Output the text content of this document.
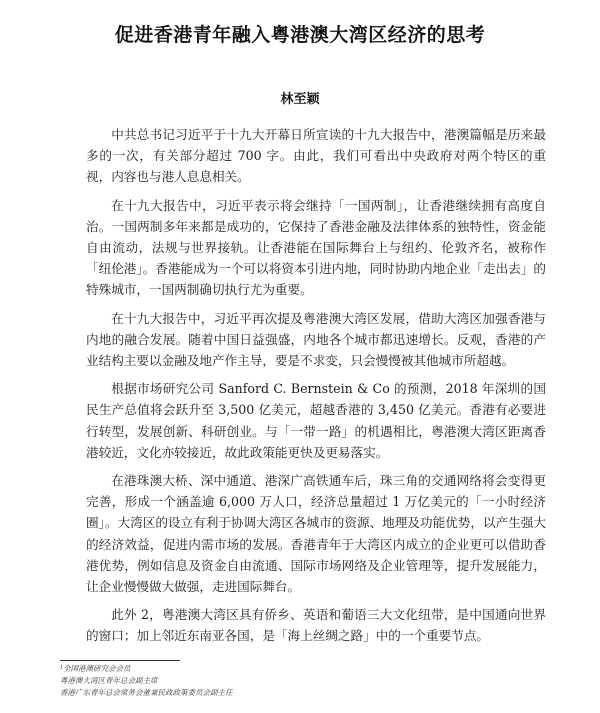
促进香港青年融入粤港澳大湾区经济的思考
林至颖

中共总书记习近平于十九大开幕日所宣读的十九大报告中，港澳篇幅是历来最多的一次，有关部分超过 700 字。由此，我们可看出中央政府对两个特区的重视，内容也与港人息息相关。

在十九大报告中，习近平表示将会继持「一国两制」，让香港继续拥有高度自治。一国两制多年来都是成功的，它保持了香港金融及法律体系的独特性，资金能自由流动，法规与世界接轨。让香港能在国际舞台上与纽约、伦敦齐名，被称作「纽伦港」。香港能成为一个可以将资本引进内地，同时协助内地企业「走出去」的特殊城市，一国两制确切执行尤为重要。

在十九大报告中，习近平再次提及粤港澳大湾区发展，借助大湾区加强香港与内地的融合发展。随着中国日益强盛，内地各个城市都迅速增长。反观，香港的产业结构主要以金融及地产作主导，要是不求变，只会慢慢被其他城市所超越。

根据市场研究公司 Sanford C. Bernstein & Co 的预测，2018 年深圳的国民生产总值将会跃升至 3,500 亿美元，超越香港的 3,450 亿美元。香港有必要进行转型，发展创新、科研创业。与「一带一路」的机遇相比，粤港澳大湾区距离香港较近，文化亦较接近，故此政策能更快及更易落实。

在港珠澳大桥、深中通道、港深广高铁通车后，珠三角的交通网络将会变得更完善，形成一个涵盖逾 6,000 万人口，经济总量超过 1 万亿美元的「一小时经济圈」。大湾区的设立有利于协调大湾区各城市的资源、地理及功能优势，以产生强大的经济效益，促进内需市场的发展。香港青年于大湾区内成立的企业更可以借助香港优势，例如信息及资金自由流通、国际市场网络及企业管理等，提升发展能力，让企业慢慢做大做强，走进国际舞台。

此外 2，粤港澳大湾区具有侨乡、英语和葡语三大文化纽带，是中国通向世界的窗口；加上邻近东南亚各国，是「海上丝绸之路」中的一个重要节点。

¹全国港澳研究会会员
粤港澳大湾区青年总会副主席
香港广东青年总会常务会董兼民政政策委员会副主任
